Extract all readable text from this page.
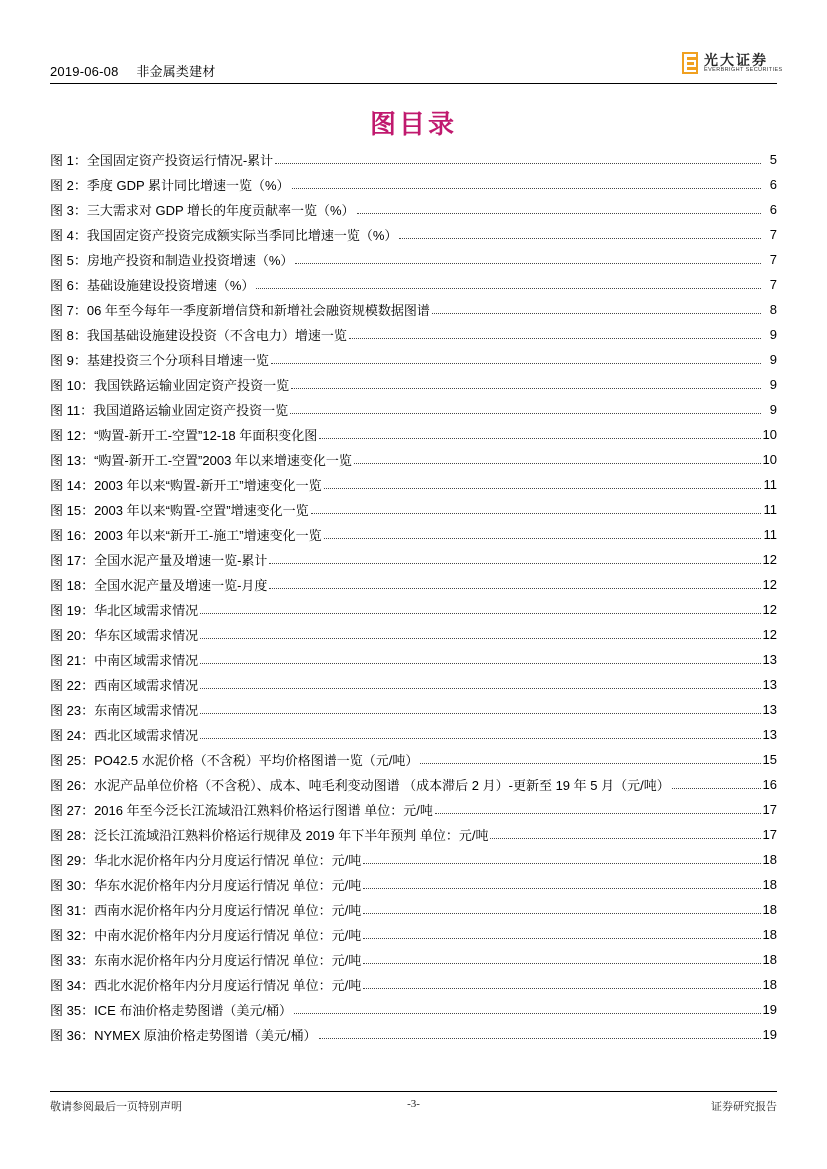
2019-06-08 非金属类建材
光大证券
EVERBRIGHT SECURITIES
图目录
图 1：全国固定资产投资运行情况-累计	5
图 2：季度 GDP 累计同比增速一览（%）	6
图 3：三大需求对 GDP 增长的年度贡献率一览（%）	6
图 4：我国固定资产投资完成额实际当季同比增速一览（%）	7
图 5：房地产投资和制造业投资增速（%）	7
图 6：基础设施建设投资增速（%）	7
图 7：06 年至今每年一季度新增信贷和新增社会融资规模数据图谱	8
图 8：我国基础设施建设投资（不含电力）增速一览	9
图 9：基建投资三个分项科目增速一览	9
图 10：我国铁路运输业固定资产投资一览	9
图 11：我国道路运输业固定资产投资一览	9
图 12：“购置-新开工-空置”12-18 年面积变化图	10
图 13：“购置-新开工-空置”2003 年以来增速变化一览	10
图 14：2003 年以来“购置-新开工”增速变化一览	11
图 15：2003 年以来“购置-空置”增速变化一览	11
图 16：2003 年以来“新开工-施工”增速变化一览	11
图 17：全国水泥产量及增速一览-累计	12
图 18：全国水泥产量及增速一览-月度	12
图 19：华北区域需求情况	12
图 20：华东区域需求情况	12
图 21：中南区域需求情况	13
图 22：西南区域需求情况	13
图 23：东南区域需求情况	13
图 24：西北区域需求情况	13
图 25：PO42.5 水泥价格（不含税）平均价格图谱一览（元/吨）	15
图 26：水泥产品单位价格（不含税）、成本、吨毛利变动图谱 （成本滞后 2 月）-更新至 19 年 5 月（元/吨）	16
图 27：2016 年至今泛长江流域沿江熟料价格运行图谱 单位：元/吨	17
图 28：泛长江流域沿江熟料价格运行规律及 2019 年下半年预判 单位：元/吨	17
图 29：华北水泥价格年内分月度运行情况 单位：元/吨	18
图 30：华东水泥价格年内分月度运行情况 单位：元/吨	18
图 31：西南水泥价格年内分月度运行情况 单位：元/吨	18
图 32：中南水泥价格年内分月度运行情况 单位：元/吨	18
图 33：东南水泥价格年内分月度运行情况 单位：元/吨	18
图 34：西北水泥价格年内分月度运行情况 单位：元/吨	18
图 35：ICE 布油价格走势图谱（美元/桶）	19
图 36：NYMEX 原油价格走势图谱（美元/桶）	19
敬请参阅最后一页特别声明	-3-	证券研究报告
